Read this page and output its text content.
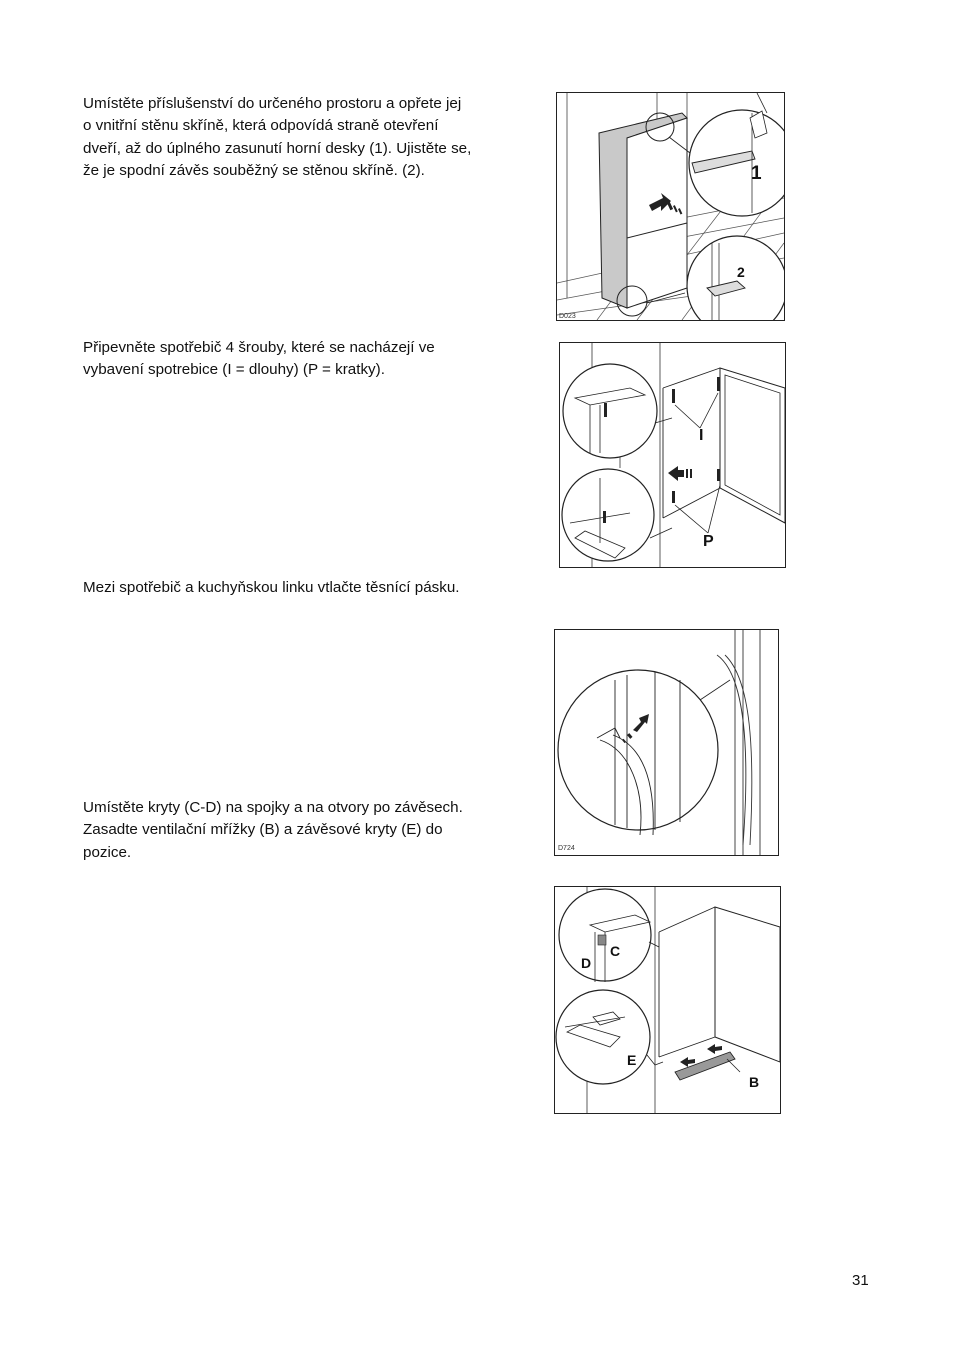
Umístěte příslušenství do určeného prostoru a opřete jej o vnitřní stěnu skříně, která odpovídá straně otevření dveří, až do úplného zasunutí horní desky (1). Ujistěte se, že je spodní závěs souběžný se stěnou skříně. (2).

Připevněte spotřebič 4 šrouby, které se nacházejí ve vybavení spotrebice (I = dlouhy) (P = kratky).

Mezi spotřebič a kuchyňskou linku vtlačte těsnící pásku.

Umístěte kryty (C-D) na spojky a na otvory po závěsech. Zasadte ventilační mřížky (B) a závěsové kryty (E) do pozice.

1
2
D023
I
P
D724
C
D
E
B
31
